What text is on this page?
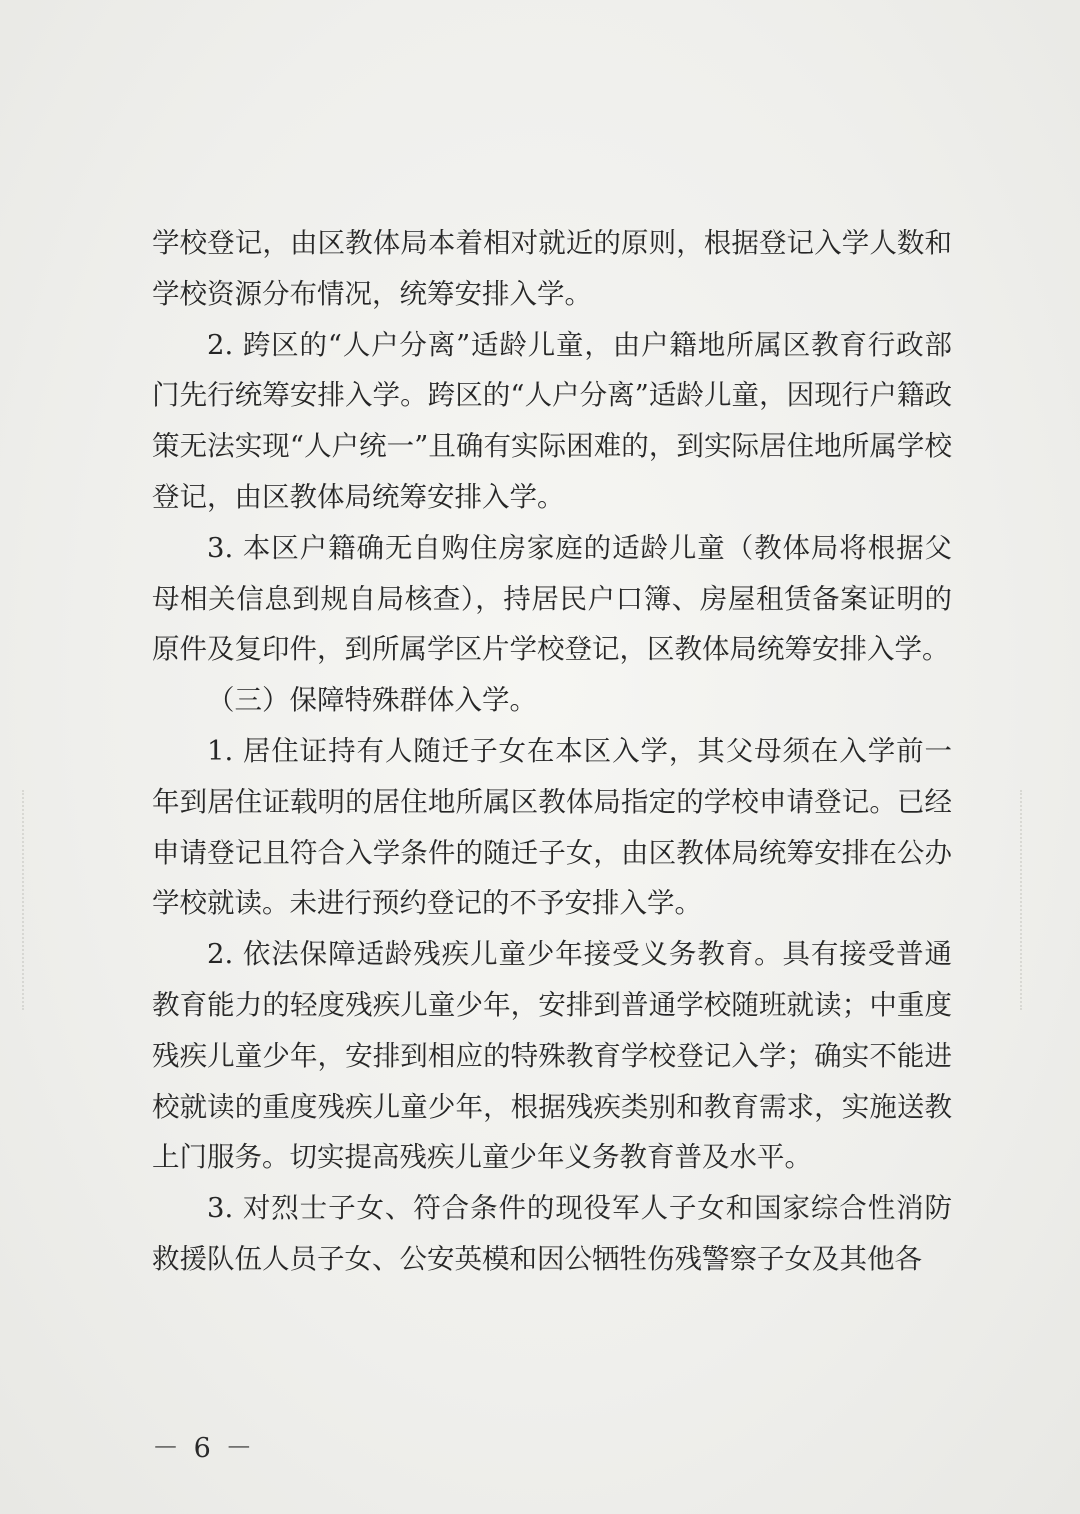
学校登记，由区教体局本着相对就近的原则，根据登记入学人数和学校资源分布情况，统筹安排入学。

2. 跨区的“人户分离”适龄儿童，由户籍地所属区教育行政部门先行统筹安排入学。跨区的“人户分离”适龄儿童，因现行户籍政策无法实现“人户统一”且确有实际困难的，到实际居住地所属学校登记，由区教体局统筹安排入学。

3. 本区户籍确无自购住房家庭的适龄儿童（教体局将根据父母相关信息到规自局核查），持居民户口簿、房屋租赁备案证明的原件及复印件，到所属学区片学校登记，区教体局统筹安排入学。

（三）保障特殊群体入学。

1. 居住证持有人随迁子女在本区入学，其父母须在入学前一年到居住证载明的居住地所属区教体局指定的学校申请登记。已经申请登记且符合入学条件的随迁子女，由区教体局统筹安排在公办学校就读。未进行预约登记的不予安排入学。

2. 依法保障适龄残疾儿童少年接受义务教育。具有接受普通教育能力的轻度残疾儿童少年，安排到普通学校随班就读；中重度残疾儿童少年，安排到相应的特殊教育学校登记入学；确实不能进校就读的重度残疾儿童少年，根据残疾类别和教育需求，实施送教上门服务。切实提高残疾儿童少年义务教育普及水平。

3. 对烈士子女、符合条件的现役军人子女和国家综合性消防救援队伍人员子女、公安英模和因公牺牲伤残警察子女及其他各

－ 6 －
